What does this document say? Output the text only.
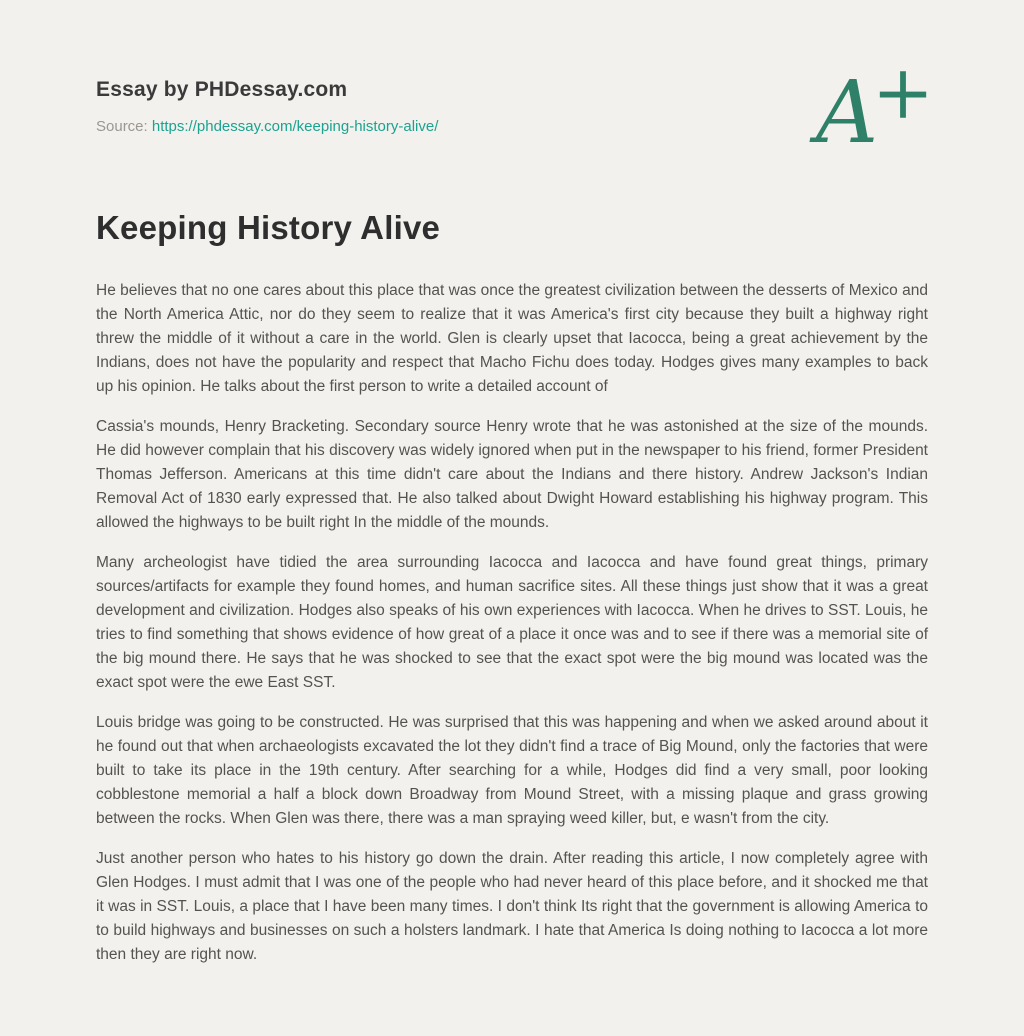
Essay by PHDessay.com
Source: https://phdessay.com/keeping-history-alive/	A
+
Keeping History Alive

He believes that no one cares about this place that was once the greatest civilization between the desserts of Mexico and the North America Attic, nor do they seem to realize that it was America's first city because they built a highway right threw the middle of it without a care in the world. Glen is clearly upset that Iacocca, being a great achievement by the Indians, does not have the popularity and respect that Macho Fichu does today. Hodges gives many examples to back up his opinion. He talks about the first person to write a detailed account of

Cassia's mounds, Henry Bracketing. Secondary source Henry wrote that he was astonished at the size of the mounds. He did however complain that his discovery was widely ignored when put in the newspaper to his friend, former President Thomas Jefferson. Americans at this time didn't care about the Indians and there history. Andrew Jackson's Indian Removal Act of 1830 early expressed that. He also talked about Dwight Howard establishing his highway program. This allowed the highways to be built right In the middle of the mounds.

Many archeologist have tidied the area surrounding Iacocca and Iacocca and have found great things, primary sources/artifacts for example they found homes, and human sacrifice sites. All these things just show that it was a great development and civilization. Hodges also speaks of his own experiences with Iacocca. When he drives to SST. Louis, he tries to find something that shows evidence of how great of a place it once was and to see if there was a memorial site of the big mound there. He says that he was shocked to see that the exact spot were the big mound was located was the exact spot were the ewe East SST.

Louis bridge was going to be constructed. He was surprised that this was happening and when we asked around about it he found out that when archaeologists excavated the lot they didn't find a trace of Big Mound, only the factories that were built to take its place in the 19th century. After searching for a while, Hodges did find a very small, poor looking cobblestone memorial a half a block down Broadway from Mound Street, with a missing plaque and grass growing between the rocks. When Glen was there, there was a man spraying weed killer, but, e wasn't from the city.

Just another person who hates to his history go down the drain. After reading this article, I now completely agree with Glen Hodges. I must admit that I was one of the people who had never heard of this place before, and it shocked me that it was in SST. Louis, a place that I have been many times. I don't think Its right that the government is allowing America to to build highways and businesses on such a holsters landmark. I hate that America Is doing nothing to Iacocca a lot more then they are right now.
